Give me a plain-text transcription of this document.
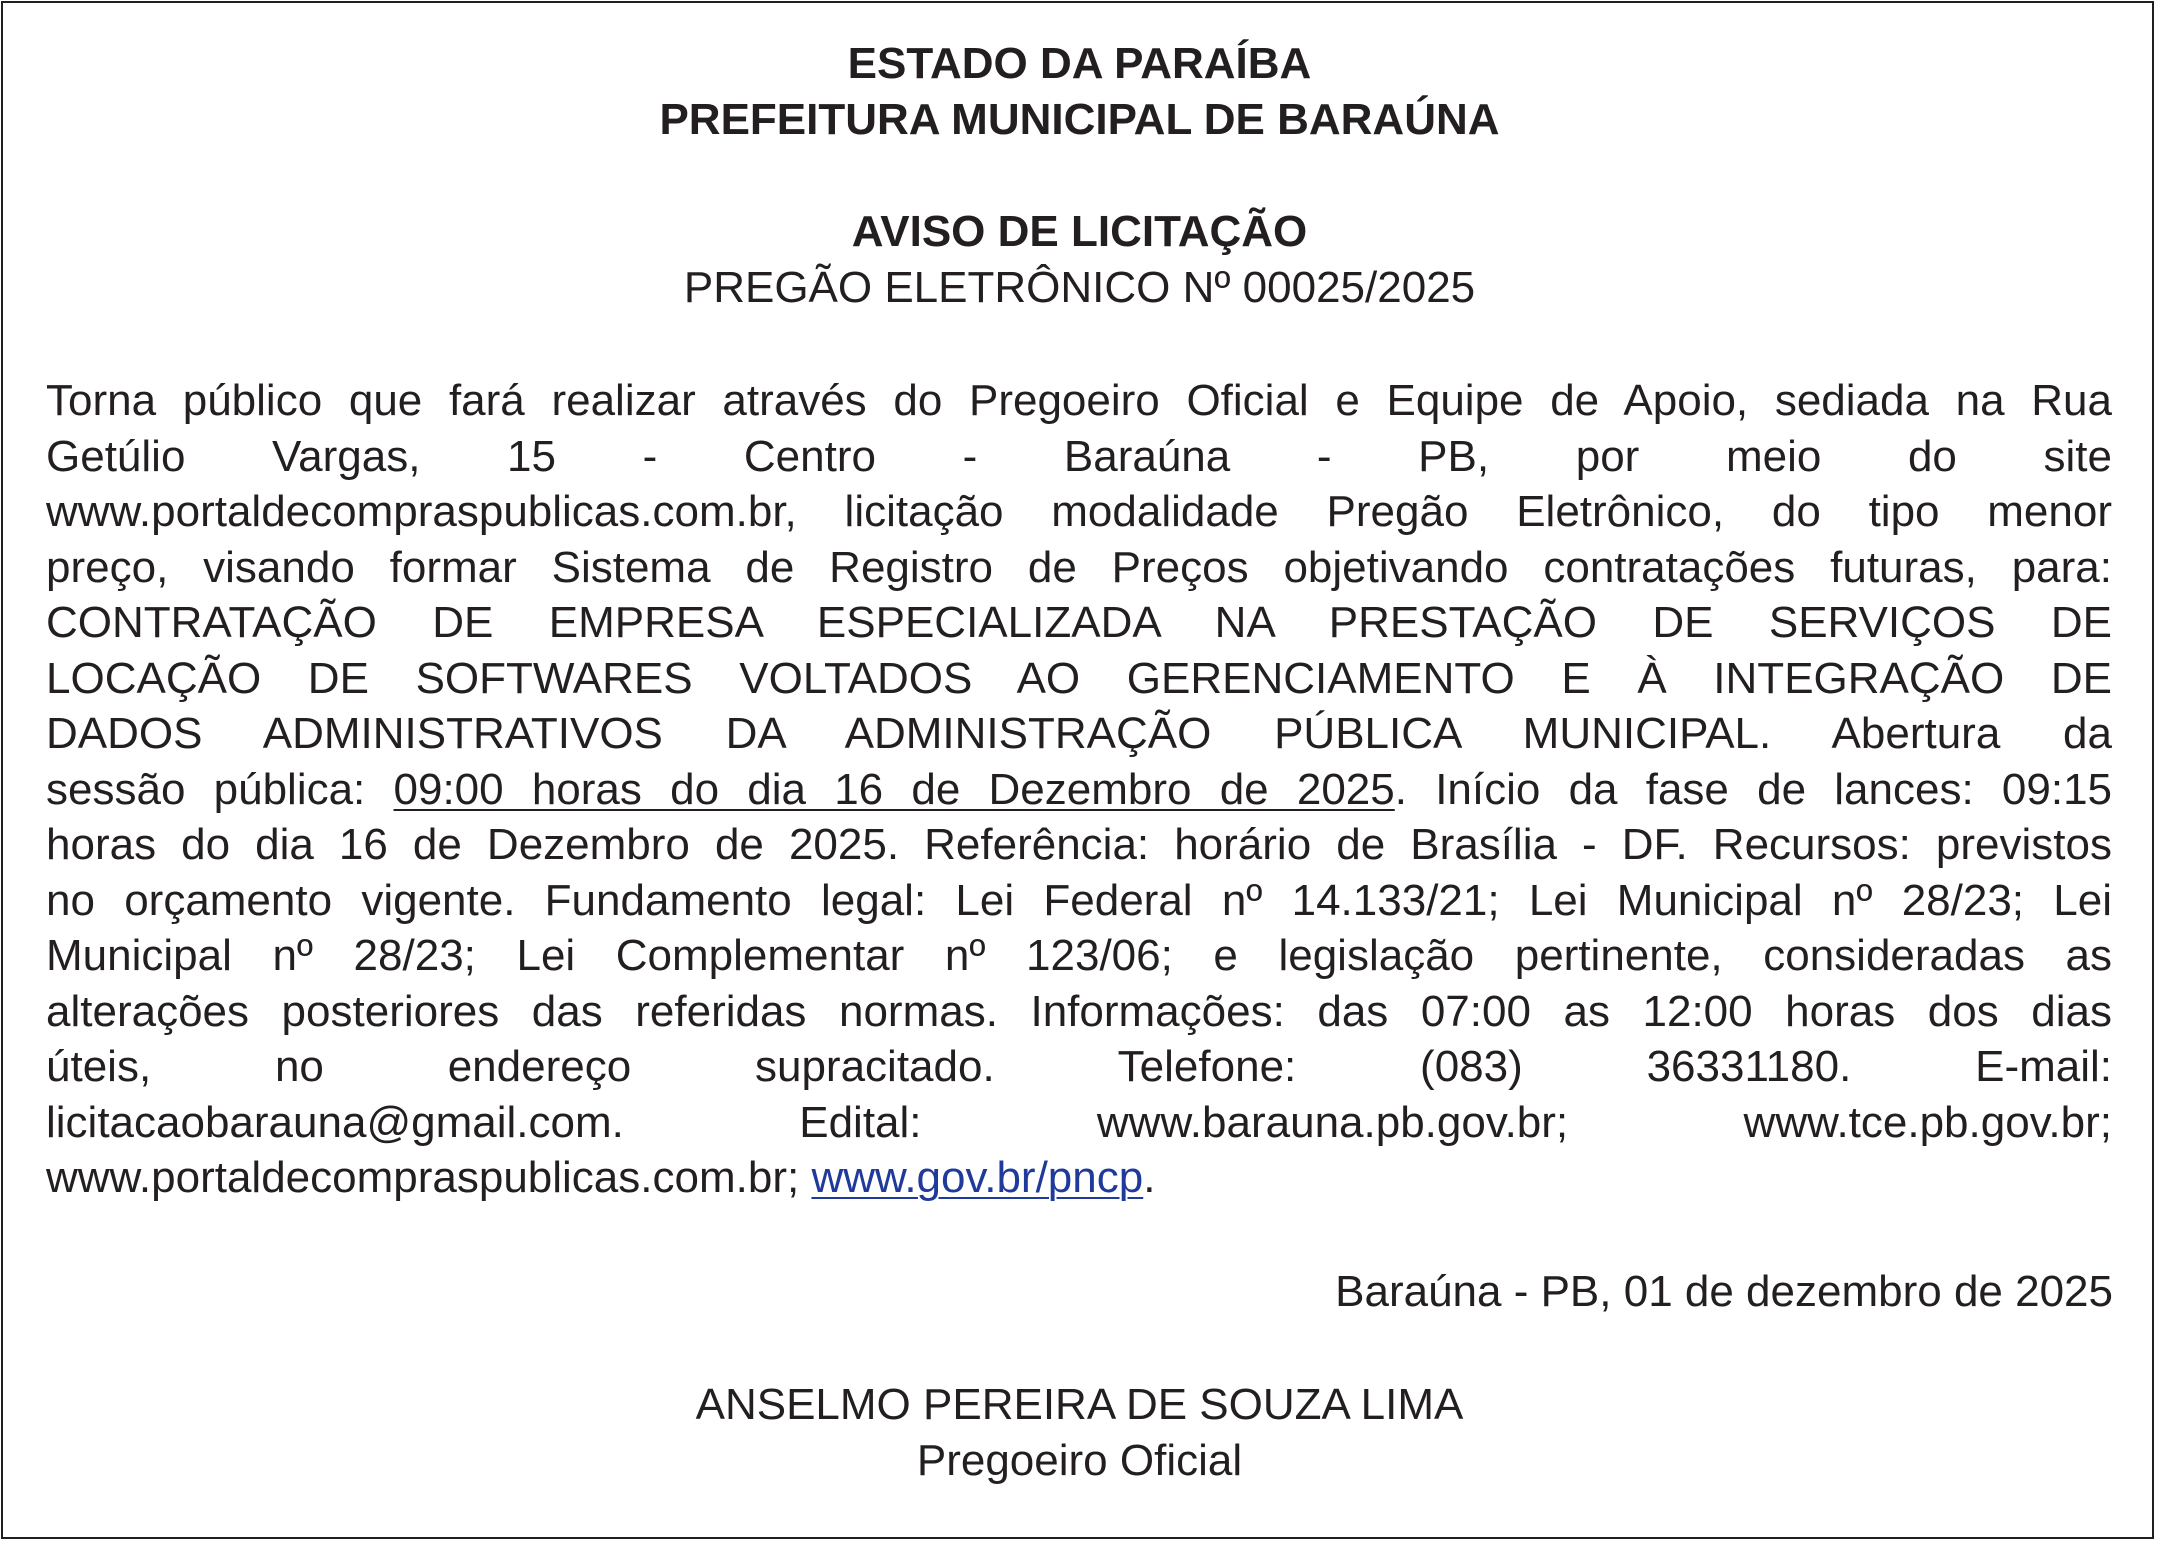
ESTADO DA PARAÍBA
PREFEITURA MUNICIPAL DE BARAÚNA
AVISO DE LICITAÇÃO
PREGÃO ELETRÔNICO Nº 00025/2025
Torna público que fará realizar através do Pregoeiro Oficial e Equipe de Apoio, sediada na Rua
Getúlio Vargas, 15 - Centro - Baraúna - PB, por meio do site
www.portaldecompraspublicas.com.br, licitação modalidade Pregão Eletrônico, do tipo menor
preço, visando formar Sistema de Registro de Preços objetivando contratações futuras, para:
CONTRATAÇÃO DE EMPRESA ESPECIALIZADA NA PRESTAÇÃO DE SERVIÇOS DE
LOCAÇÃO DE SOFTWARES VOLTADOS AO GERENCIAMENTO E À INTEGRAÇÃO DE
DADOS ADMINISTRATIVOS DA ADMINISTRAÇÃO PÚBLICA MUNICIPAL. Abertura da
sessão pública: 09:00 horas do dia 16 de Dezembro de 2025. Início da fase de lances: 09:15
horas do dia 16 de Dezembro de 2025. Referência: horário de Brasília - DF. Recursos: previstos
no orçamento vigente. Fundamento legal: Lei Federal nº 14.133/21; Lei Municipal nº 28/23; Lei
Municipal nº 28/23; Lei Complementar nº 123/06; e legislação pertinente, consideradas as
alterações posteriores das referidas normas. Informações: das 07:00 as 12:00 horas dos dias
úteis, no endereço supracitado. Telefone: (083) 36331180. E-mail:
licitacaobarauna@gmail.com. Edital: www.barauna.pb.gov.br; www.tce.pb.gov.br;
www.portaldecompraspublicas.com.br; www.gov.br/pncp.
Baraúna - PB, 01 de dezembro de 2025
ANSELMO PEREIRA DE SOUZA LIMA
Pregoeiro Oficial
